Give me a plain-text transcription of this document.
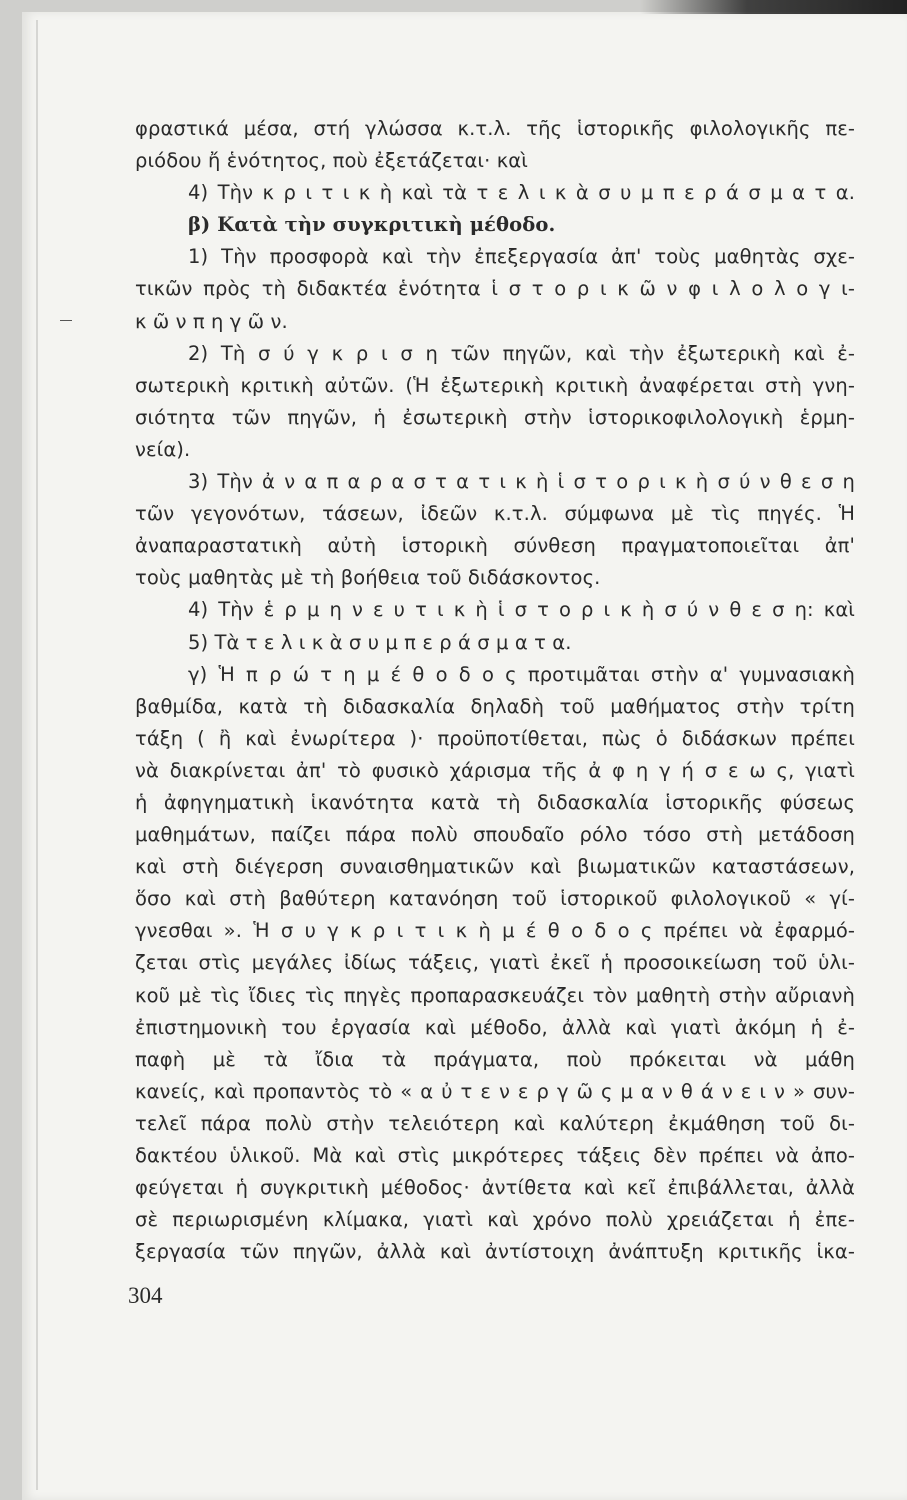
φραστικά μέσα, στή γλώσσα κ.τ.λ. τῆς ἱστορικῆς φιλολογικῆς πε-
ριόδου ἤ ἑνότητος, ποὺ ἐξετάζεται· καὶ
4) Τὴν κ ρ ι τ ι κ ὴ καὶ τὰ τ ε λ ι κ ὰ σ υ μ π ε ρ ά σ μ α τ α.
β) Κατὰ τὴν συγκριτικὴ μέθοδο.
1) Τὴν προσφορὰ καὶ τὴν ἐπεξεργασία ἀπ' τοὺς μαθητὰς σχε-
τικῶν πρὸς τὴ διδακτέα ἑνότητα ἱ σ τ ο ρ ι κ ῶ ν φ ι λ ο λ ο γ ι-
κ ῶ ν π η γ ῶ ν.
2) Τὴ σ ύ γ κ ρ ι σ η τῶν πηγῶν, καὶ τὴν ἐξωτερικὴ καὶ ἐ-
σωτερικὴ κριτικὴ αὐτῶν. (Ἡ ἐξωτερικὴ κριτικὴ ἀναφέρεται στὴ γνη-
σιότητα τῶν πηγῶν, ἡ ἐσωτερικὴ στὴν ἱστορικοφιλολογικὴ ἑρμη-
νεία).
3) Τὴν ἀ ν α π α ρ α σ τ α τ ι κ ὴ ἱ σ τ ο ρ ι κ ὴ σ ύ ν θ ε σ η
τῶν γεγονότων, τάσεων, ἰδεῶν κ.τ.λ. σύμφωνα μὲ τὶς πηγές. Ἡ
ἀναπαραστατικὴ αὐτὴ ἱστορικὴ σύνθεση πραγματοποιεῖται ἀπ'
τοὺς μαθητὰς μὲ τὴ βοήθεια τοῦ διδάσκοντος.
4) Τὴν ἑ ρ μ η ν ε υ τ ι κ ὴ ἱ σ τ ο ρ ι κ ὴ σ ύ ν θ ε σ η: καὶ
5) Τὰ τ ε λ ι κ ὰ σ υ μ π ε ρ ά σ μ α τ α.
γ) Ἡ π ρ ώ τ η μ έ θ ο δ ο ς προτιμᾶται στὴν α' γυμνασιακὴ
βαθμίδα, κατὰ τὴ διδασκαλία δηλαδὴ τοῦ μαθήματος στὴν τρίτη
τάξη ( ἢ καὶ ἐνωρίτερα )· προϋποτίθεται, πὼς ὁ διδάσκων πρέπει
νὰ διακρίνεται ἀπ' τὸ φυσικὸ χάρισμα τῆς ἀ φ η γ ή σ ε ω ς, γιατὶ
ἡ ἀφηγηματικὴ ἱκανότητα κατὰ τὴ διδασκαλία ἱστορικῆς φύσεως
μαθημάτων, παίζει πάρα πολὺ σπουδαῖο ρόλο τόσο στὴ μετάδοση
καὶ στὴ διέγερση συναισθηματικῶν καὶ βιωματικῶν καταστάσεων,
ὅσο καὶ στὴ βαθύτερη κατανόηση τοῦ ἱστορικοῦ φιλολογικοῦ « γί-
γνεσθαι ». Ἡ σ υ γ κ ρ ι τ ι κ ὴ μ έ θ ο δ ο ς πρέπει νὰ ἐφαρμό-
ζεται στὶς μεγάλες ἰδίως τάξεις, γιατὶ ἐκεῖ ἡ προσοικείωση τοῦ ὑλι-
κοῦ μὲ τὶς ἴδιες τὶς πηγὲς προπαρασκευάζει τὸν μαθητὴ στὴν αὔριανὴ
ἐπιστημονικὴ του ἐργασία καὶ μέθοδο, ἀλλὰ καὶ γιατὶ ἀκόμη ἡ ἐ-
παφὴ μὲ τὰ ἴδια τὰ πράγματα, ποὺ πρόκειται νὰ μάθη
κανείς, καὶ προπαντὸς τὸ « α ὐ τ ε ν ε ρ γ ῶ ς μ α ν θ ά ν ε ι ν » συν-
τελεῖ πάρα πολὺ στὴν τελειότερη καὶ καλύτερη ἐκμάθηση τοῦ δι-
δακτέου ὑλικοῦ. Μὰ καὶ στὶς μικρότερες τάξεις δὲν πρέπει νὰ ἀπο-
φεύγεται ἡ συγκριτικὴ μέθοδος· ἀντίθετα καὶ κεῖ ἐπιβάλλεται, ἀλλὰ
σὲ περιωρισμένη κλίμακα, γιατὶ καὶ χρόνο πολὺ χρειάζεται ἡ ἐπε-
ξεργασία τῶν πηγῶν, ἀλλὰ καὶ ἀντίστοιχη ἀνάπτυξη κριτικῆς ἱκα-
304
